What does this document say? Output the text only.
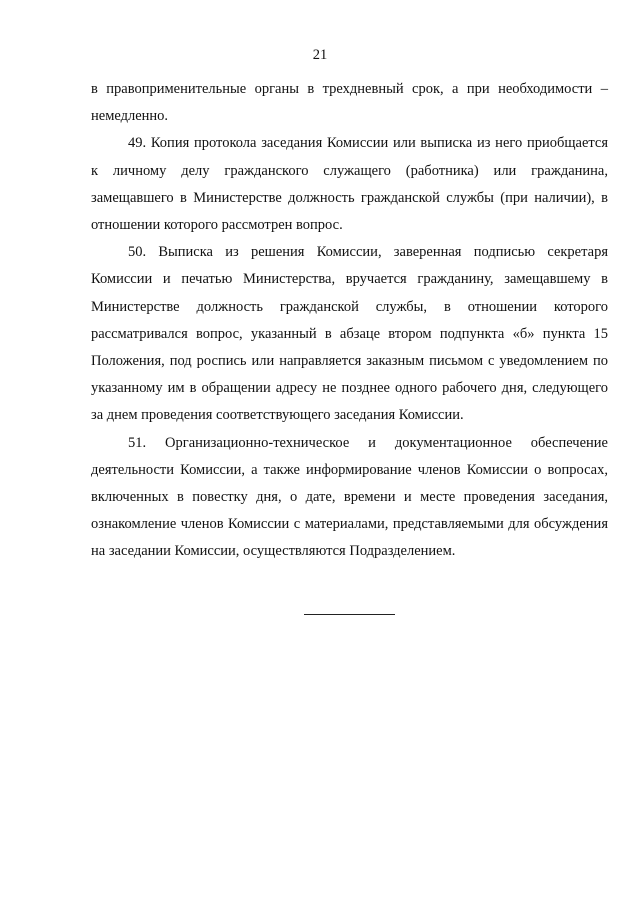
21

в правоприменительные органы в трехдневный срок, а при необходимости – немедленно.

49. Копия протокола заседания Комиссии или выписка из него приобщается к личному делу гражданского служащего (работника) или гражданина, замещавшего в Министерстве должность гражданской службы (при наличии), в отношении которого рассмотрен вопрос.

50. Выписка из решения Комиссии, заверенная подписью секретаря Комиссии и печатью Министерства, вручается гражданину, замещавшему в Министерстве должность гражданской службы, в отношении которого рассматривался вопрос, указанный в абзаце втором подпункта «б» пункта 15 Положения, под роспись или направляется заказным письмом с уведомлением по указанному им в обращении адресу не позднее одного рабочего дня, следующего за днем проведения соответствующего заседания Комиссии.

51. Организационно-техническое и документационное обеспечение деятельности Комиссии, а также информирование членов Комиссии о вопросах, включенных в повестку дня, о дате, времени и месте проведения заседания, ознакомление членов Комиссии с материалами, представляемыми для обсуждения на заседании Комиссии, осуществляются Подразделением.
